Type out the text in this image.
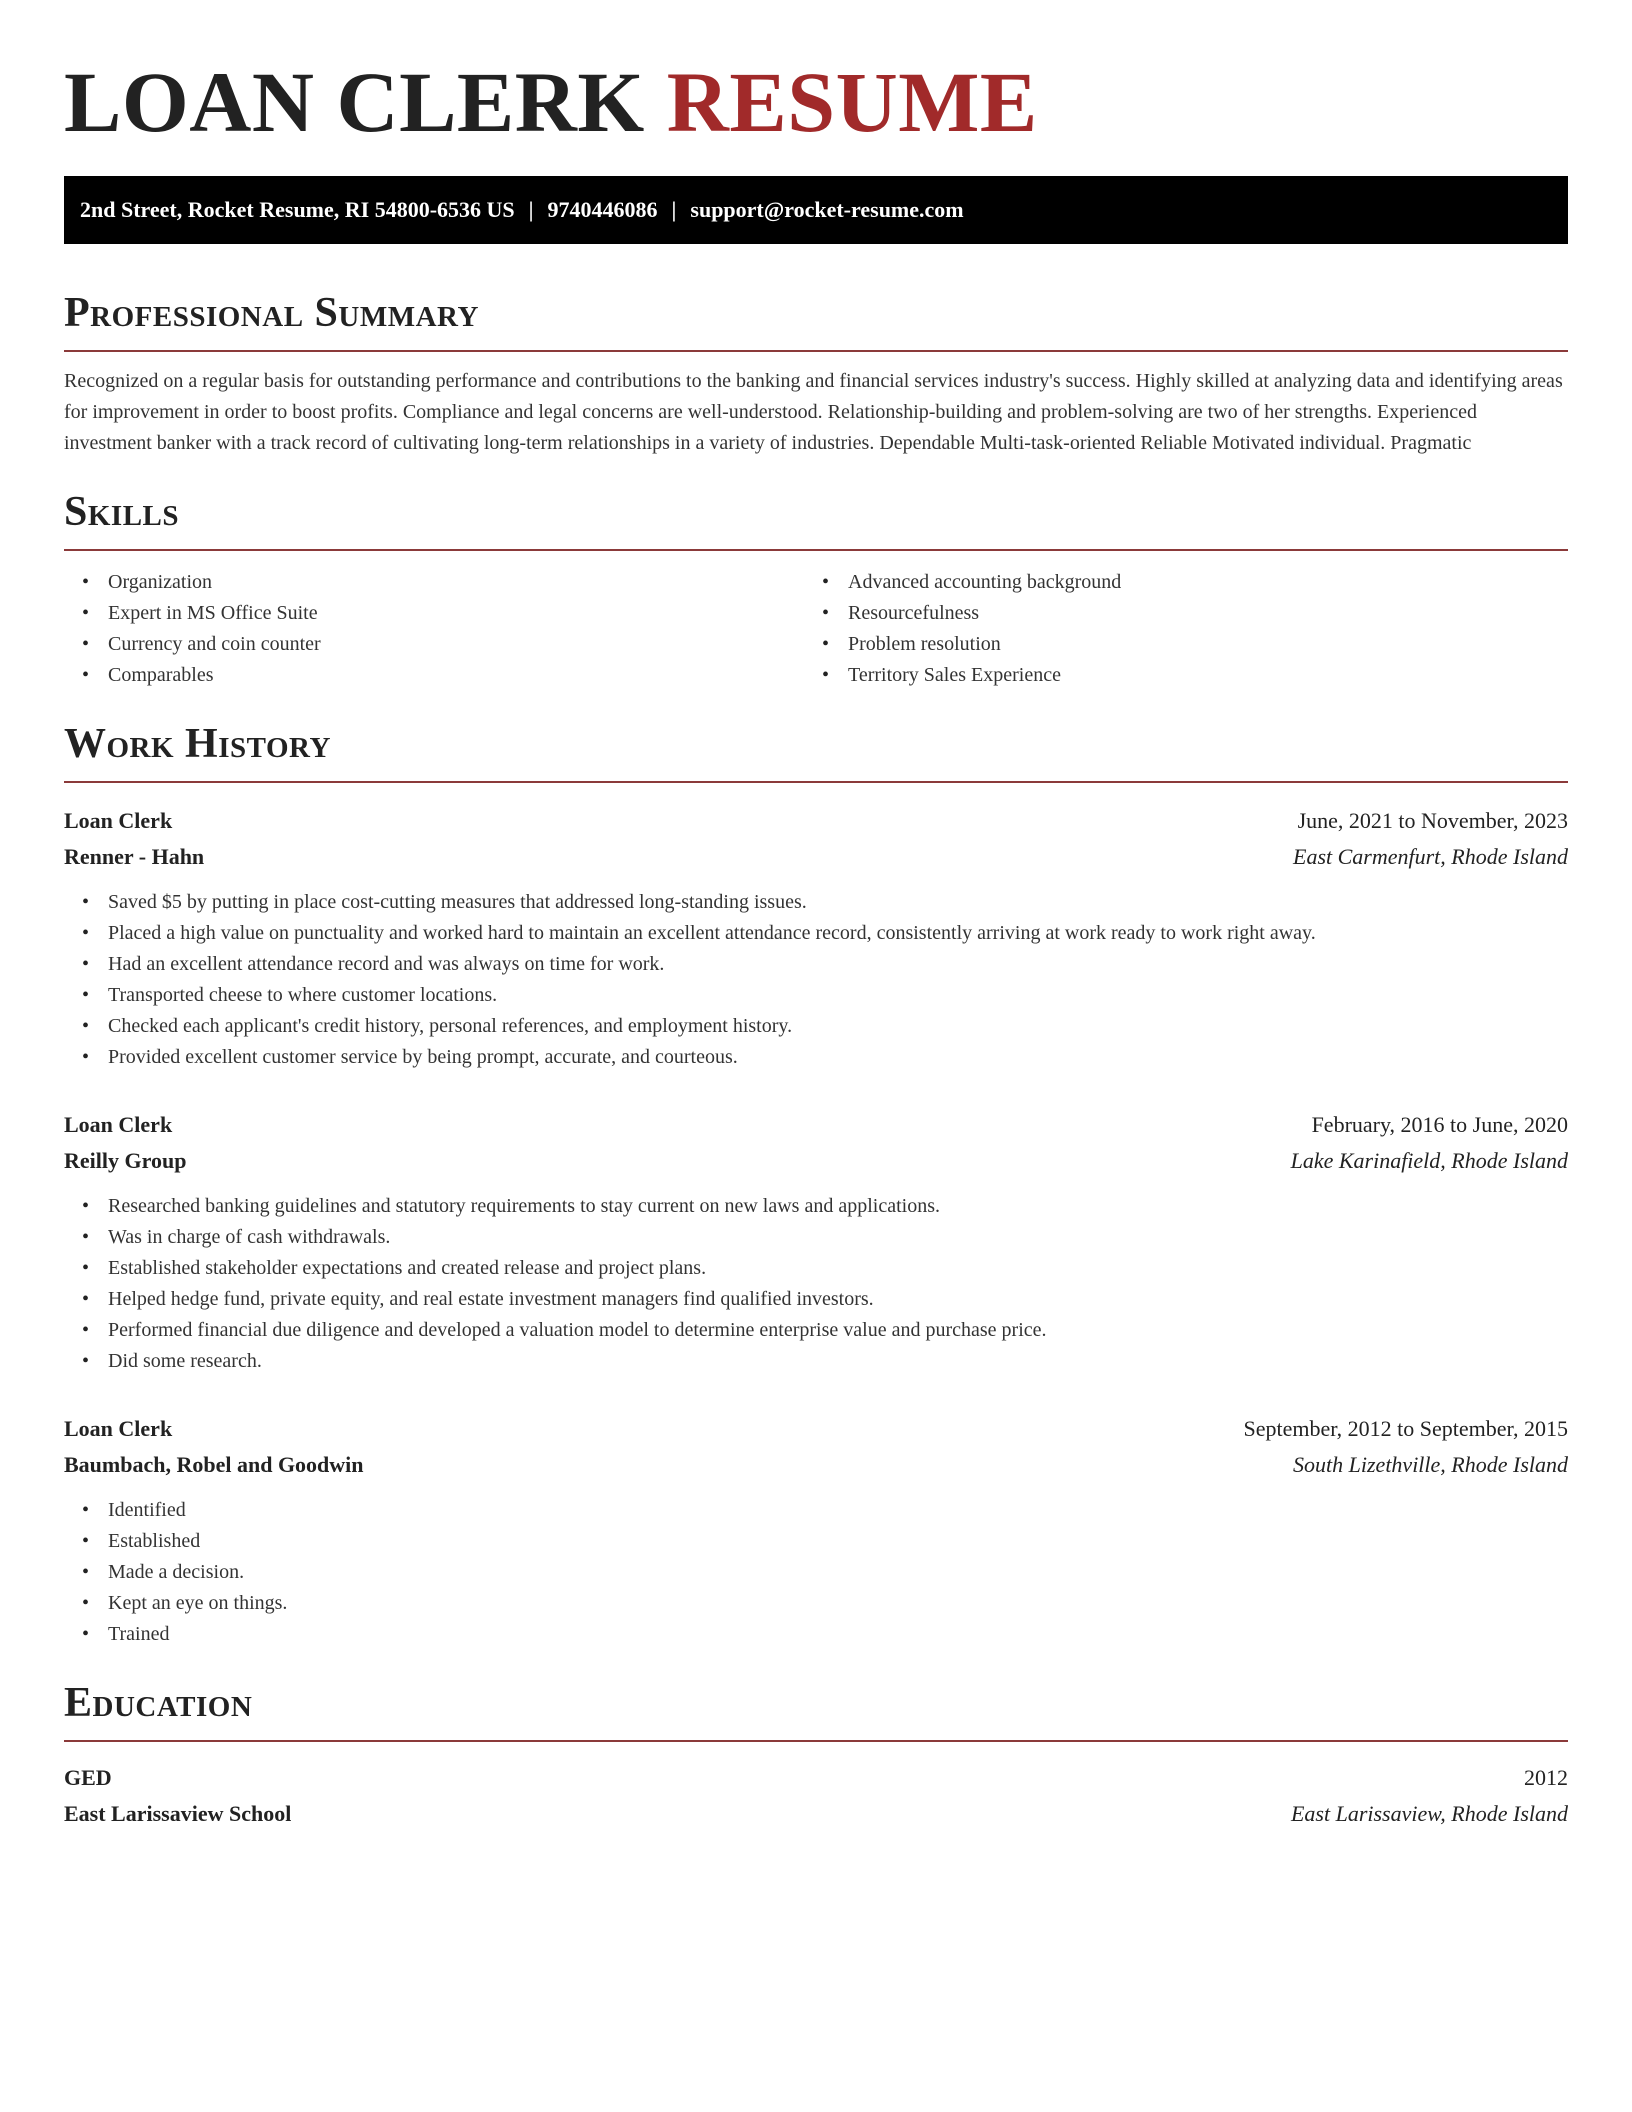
LOAN CLERK RESUME
2nd Street, Rocket Resume, RI 54800-6536 US | 9740446086 | support@rocket-resume.com
Professional Summary

Recognized on a regular basis for outstanding performance and contributions to the banking and financial services industry's success. Highly skilled at analyzing data and identifying areas for improvement in order to boost profits. Compliance and legal concerns are well-understood. Relationship-building and problem-solving are two of her strengths. Experienced investment banker with a track record of cultivating long-term relationships in a variety of industries. Dependable Multi-task-oriented Reliable Motivated individual. Pragmatic

Skills
• Organization
• Expert in MS Office Suite
• Currency and coin counter
• Comparables
• Advanced accounting background
• Resourcefulness
• Problem resolution
• Territory Sales Experience
Work History
Loan Clerk	June, 2021 to November, 2023
Renner - Hahn	East Carmenfurt, Rhode Island
• Saved $5 by putting in place cost-cutting measures that addressed long-standing issues.
• Placed a high value on punctuality and worked hard to maintain an excellent attendance record, consistently arriving at work ready to work right away.
• Had an excellent attendance record and was always on time for work.
• Transported cheese to where customer locations.
• Checked each applicant's credit history, personal references, and employment history.
• Provided excellent customer service by being prompt, accurate, and courteous.
Loan Clerk	February, 2016 to June, 2020
Reilly Group	Lake Karinafield, Rhode Island
• Researched banking guidelines and statutory requirements to stay current on new laws and applications.
• Was in charge of cash withdrawals.
• Established stakeholder expectations and created release and project plans.
• Helped hedge fund, private equity, and real estate investment managers find qualified investors.
• Performed financial due diligence and developed a valuation model to determine enterprise value and purchase price.
• Did some research.
Loan Clerk	September, 2012 to September, 2015
Baumbach, Robel and Goodwin	South Lizethville, Rhode Island
• Identified
• Established
• Made a decision.
• Kept an eye on things.
• Trained
Education
GED	2012
East Larissaview School	East Larissaview, Rhode Island
